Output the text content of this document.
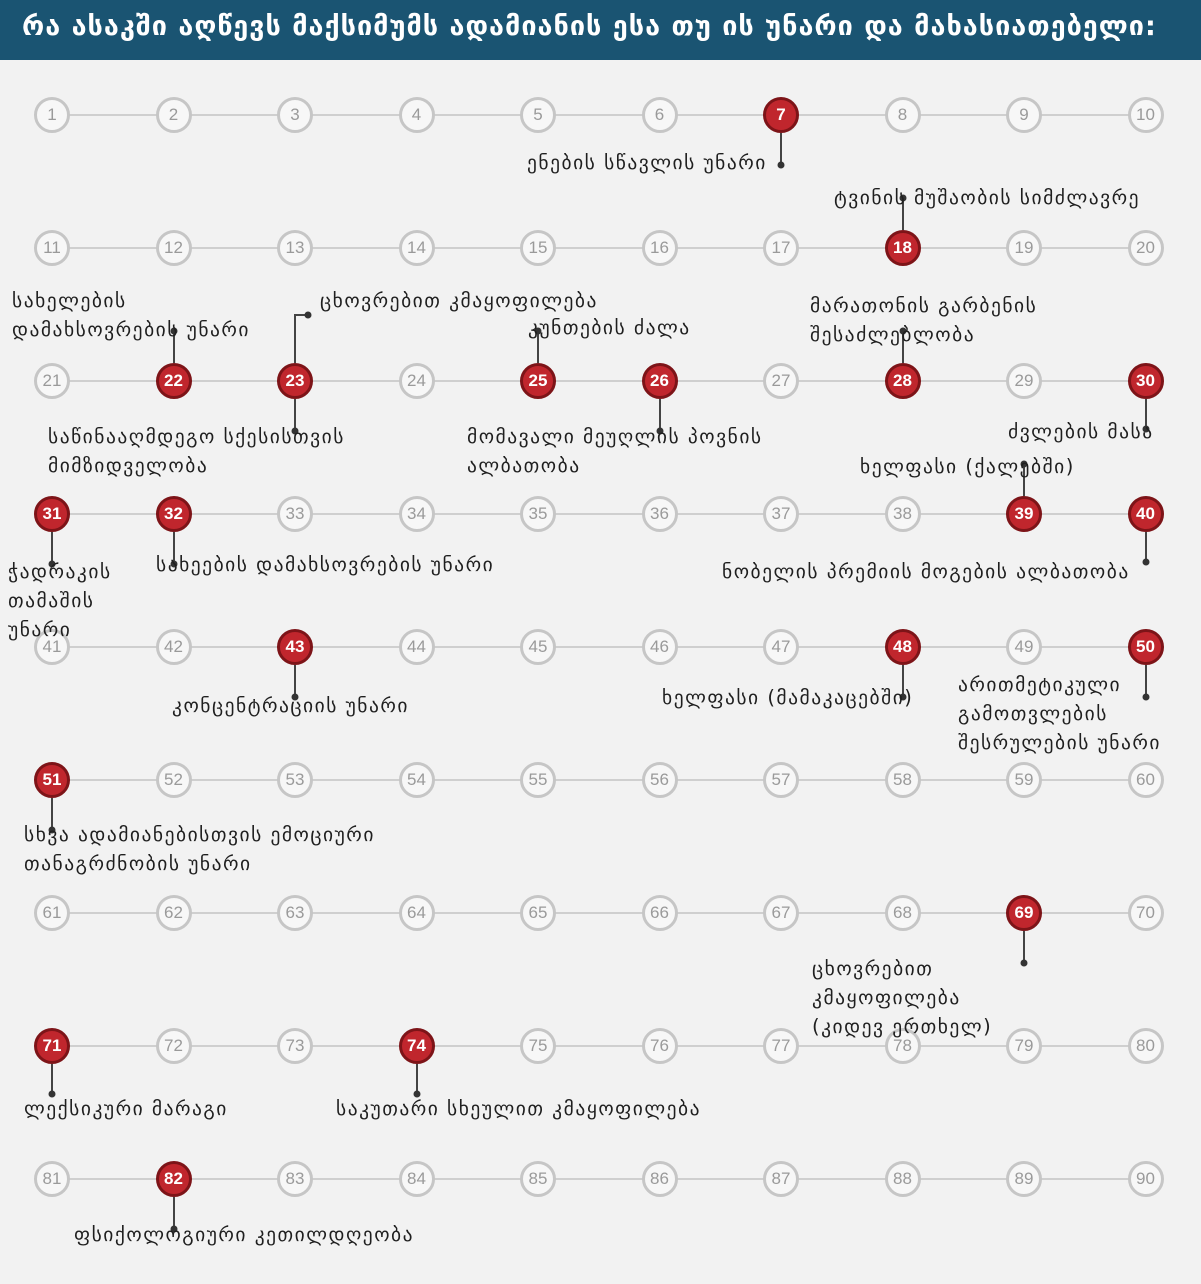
რა ასაკში აღწევს მაქსიმუმს ადამიანის ესა თუ ის უნარი და მახასიათებელი:
1	2	3	4	5	6	7	8	9	10
11	12	13	14	15	16	17	18	19	20
21	22	23	24	25	26	27	28	29	30
31	32	33	34	35	36	37	38	39	40
41	42	43	44	45	46	47	48	49	50
51	52	53	54	55	56	57	58	59	60
61	62	63	64	65	66	67	68	69	70
71	72	73	74	75	76	77	78	79	80
81	82	83	84	85	86	87	88	89	90
ენების სწავლის უნარი
ტვინის მუშაობის სიმძლავრე
სახელების დამახსოვრების უნარი
ცხოვრებით კმაყოფილება
კუნთების ძალა
მარათონის გარბენის შესაძლებლობა
საწინააღმდეგო სქესისთვის მიმზიდველობა
მომავალი მეუღლის პოვნის ალბათობა
ძვლების მასა
ხელფასი (ქალებში)
ჭადრაკის თამაშის უნარი
სახეების დამახსოვრების უნარი	ნობელის პრემიის მოგების ალბათობა
კონცენტრაციის უნარი	ხელფასი (მამაკაცებში)
არითმეტიკული გამოთვლების შესრულების უნარი
სხვა ადამიანებისთვის ემოციური თანაგრძნობის უნარი
ცხოვრებით კმაყოფილება (კიდევ ერთხელ)
ლექსიკური მარაგი	საკუთარი სხეულით კმაყოფილება
ფსიქოლოგიური კეთილდღეობა
